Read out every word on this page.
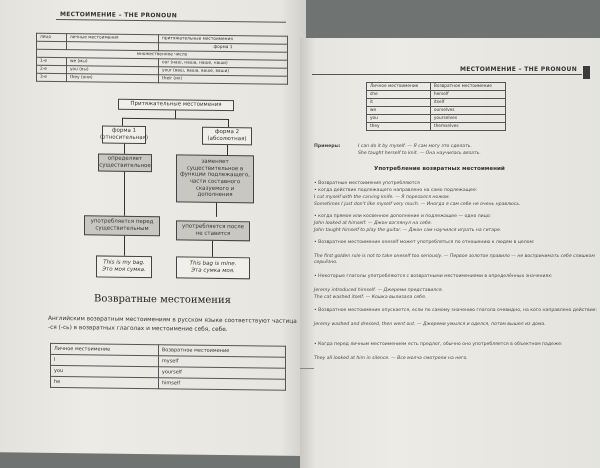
МЕСТОИМЕНИЕ – THE PRONOUN
лицо	личные местоимения	притяжательные местоимения
		форма 1
множественное число		
1-е	we (мы)	our (наш, наша, наше, наши)
2-е	you (вы)	your (ваш, ваша, ваше, ваши)
3-е	they (они)	their (их)
Притяжательные местоимения
форма 1 (относительная)
форма 2 (абсолютная)
определяет существительное
заменяет существительное в функции подлежащего, части составного сказуемого и дополнения
употребляется перед существительным	употребляется после не ставится
This is my bag.
Это моя сумка.
This bag is mine.
Эта сумка моя.
Возвратные местоимения
Английским возвратным местоимениям в русском языке соответствуют частица
-ся (-сь) в возвратных глаголах и местоимение себя, себе.
Личное местоимение	Возвратное местоимение
I	myself
you	yourself
he	himself
МЕСТОИМЕНИЕ – THE PRONOUN
Личное местоимение	Возвратное местоимение
she	herself
it	itself
we	ourselves
you	yourselves
they	themselves
Примеры:	I can do it by myself. — Я сам могу это сделать.
She taught herself to knit. — Она научилась вязать.
Употребление возвратных местоимений
• Возвратные местоимения употребляются
• когда действие подлежащего направлено на само подлежащее:
I cut myself with the carving knife. — Я порезался ножом.
Sometimes I just don't like myself very much. — Иногда я сам себе не очень нравлюсь.
• когда прямое или косвенное дополнение и подлежащее — одно лицо:
John looked at himself. — Джон взглянул на себя.
John taught himself to play the guitar. — Джон сам научился играть на гитаре.
• Возвратное местоимение oneself может употребляться по отношению к людям в целом:
The first golden rule is not to take oneself too seriously. — Первое золотое правило — не воспринимать себя слишком серьёзно.
• Некоторые глаголы употребляются с возвратными местоимениями в определённых значениях:
Jeremy introduced himself. — Джереми представился.
The cat washed itself. — Кошка вылизала себя.
• Возвратное местоимение опускается, если по самому значению глагола очевидно, на кого направлено действие:
Jeremy washed and dressed, then went out. — Джереми умылся и оделся, потом вышел из дома.
• Когда перед личным местоимением есть предлог, обычно оно употребляется в объектном падеже:
They all looked at him in silence. — Все молча смотрели на него.
